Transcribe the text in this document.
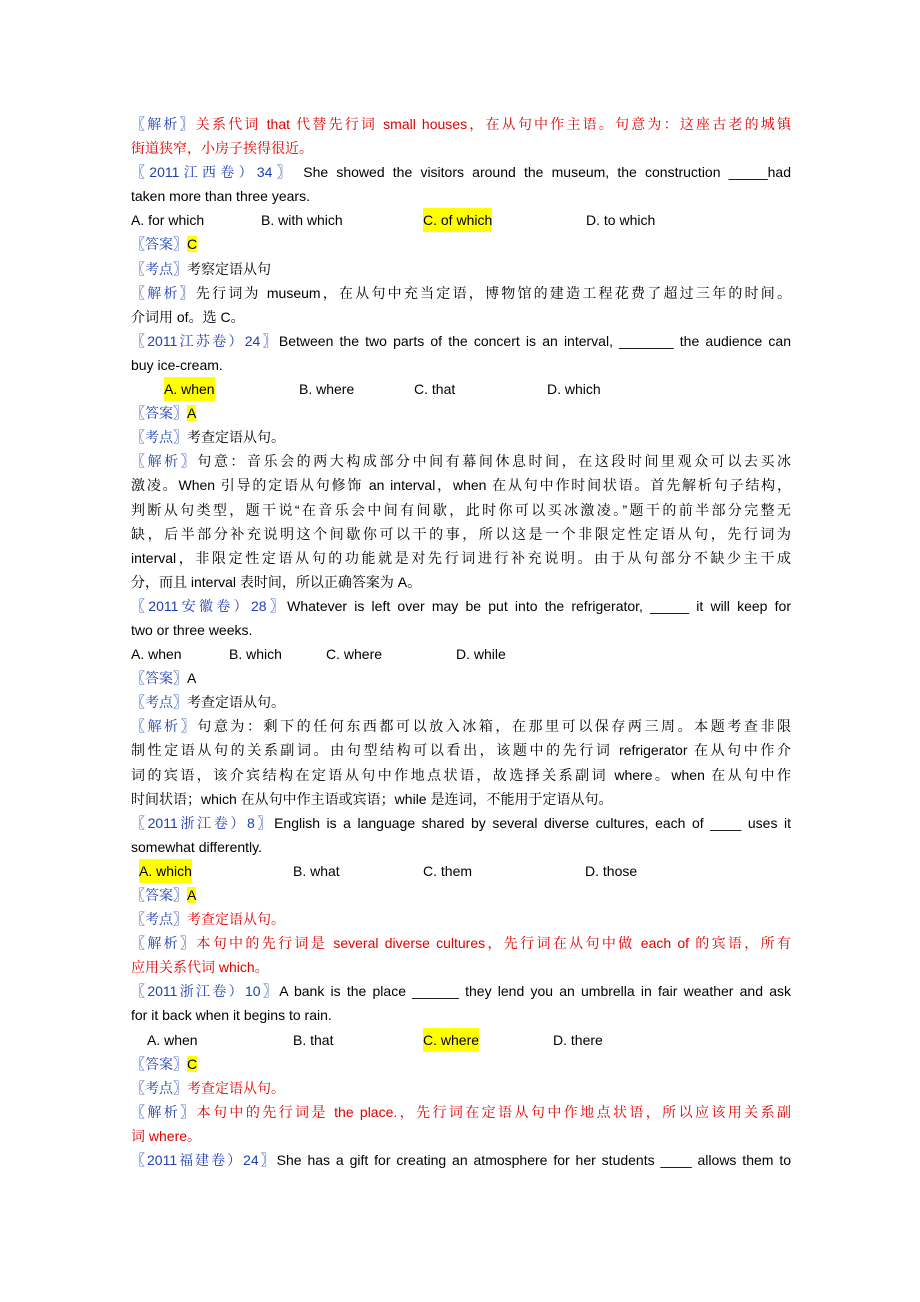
〖解析〗关系代词 that 代替先行词 small houses，在从句中作主语。句意为：这座古老的城镇
街道狭窄，小房子挨得很近。
〖2011江西卷）34〗 She showed the visitors around the museum, the construction _____had
taken more than three years.
A. for which	B. with which	C. of which	D. to which
〖答案〗C
〖考点〗考察定语从句
〖解析〗先行词为 museum，在从句中充当定语，博物馆的建造工程花费了超过三年的时间。
介词用 of。选 C。
〖2011江苏卷）24〗Between the two parts of the concert is an interval, _______ the audience can
buy ice-cream.
A. when	B. where	C. that	D. which
〖答案〗A
〖考点〗考查定语从句。
〖解析〗句意：音乐会的两大构成部分中间有幕间休息时间，在这段时间里观众可以去买冰
激凌。When 引导的定语从句修饰 an interval，when 在从句中作时间状语。首先解析句子结构，
判断从句类型，题干说“在音乐会中间有间歇，此时你可以买冰激凌。”题干的前半部分完整无
缺，后半部分补充说明这个间歇你可以干的事，所以这是一个非限定性定语从句，先行词为
interval，非限定性定语从句的功能就是对先行词进行补充说明。由于从句部分不缺少主干成
分，而且 interval 表时间，所以正确答案为 A。
〖2011安徽卷）28〗Whatever is left over may be put into the refrigerator, _____ it will keep for
two or three weeks.
A. when	B. which	C. where	D. while
〖答案〗A
〖考点〗考查定语从句。
〖解析〗句意为：剩下的任何东西都可以放入冰箱，在那里可以保存两三周。本题考查非限
制性定语从句的关系副词。由句型结构可以看出，该题中的先行词 refrigerator 在从句中作介
词的宾语，该介宾结构在定语从句中作地点状语，故选择关系副词 where。when 在从句中作
时间状语；which 在从句中作主语或宾语；while 是连词，不能用于定语从句。
〖2011浙江卷）8〗English is a language shared by several diverse cultures, each of ____ uses it
somewhat differently.
A. which	B. what	C. them	D. those
〖答案〗A
〖考点〗考查定语从句。
〖解析〗本句中的先行词是 several diverse cultures，先行词在从句中做 each of 的宾语，所有
应用关系代词 which。
〖2011浙江卷）10〗A bank is the place ______ they lend you an umbrella in fair weather and ask
for it back when it begins to rain.
A. when	B. that	C. where	D. there
〖答案〗C
〖考点〗考查定语从句。
〖解析〗本句中的先行词是 the place.，先行词在定语从句中作地点状语，所以应该用关系副
词 where。
〖2011福建卷）24〗She has a gift for creating an atmosphere for her students ____ allows them to
